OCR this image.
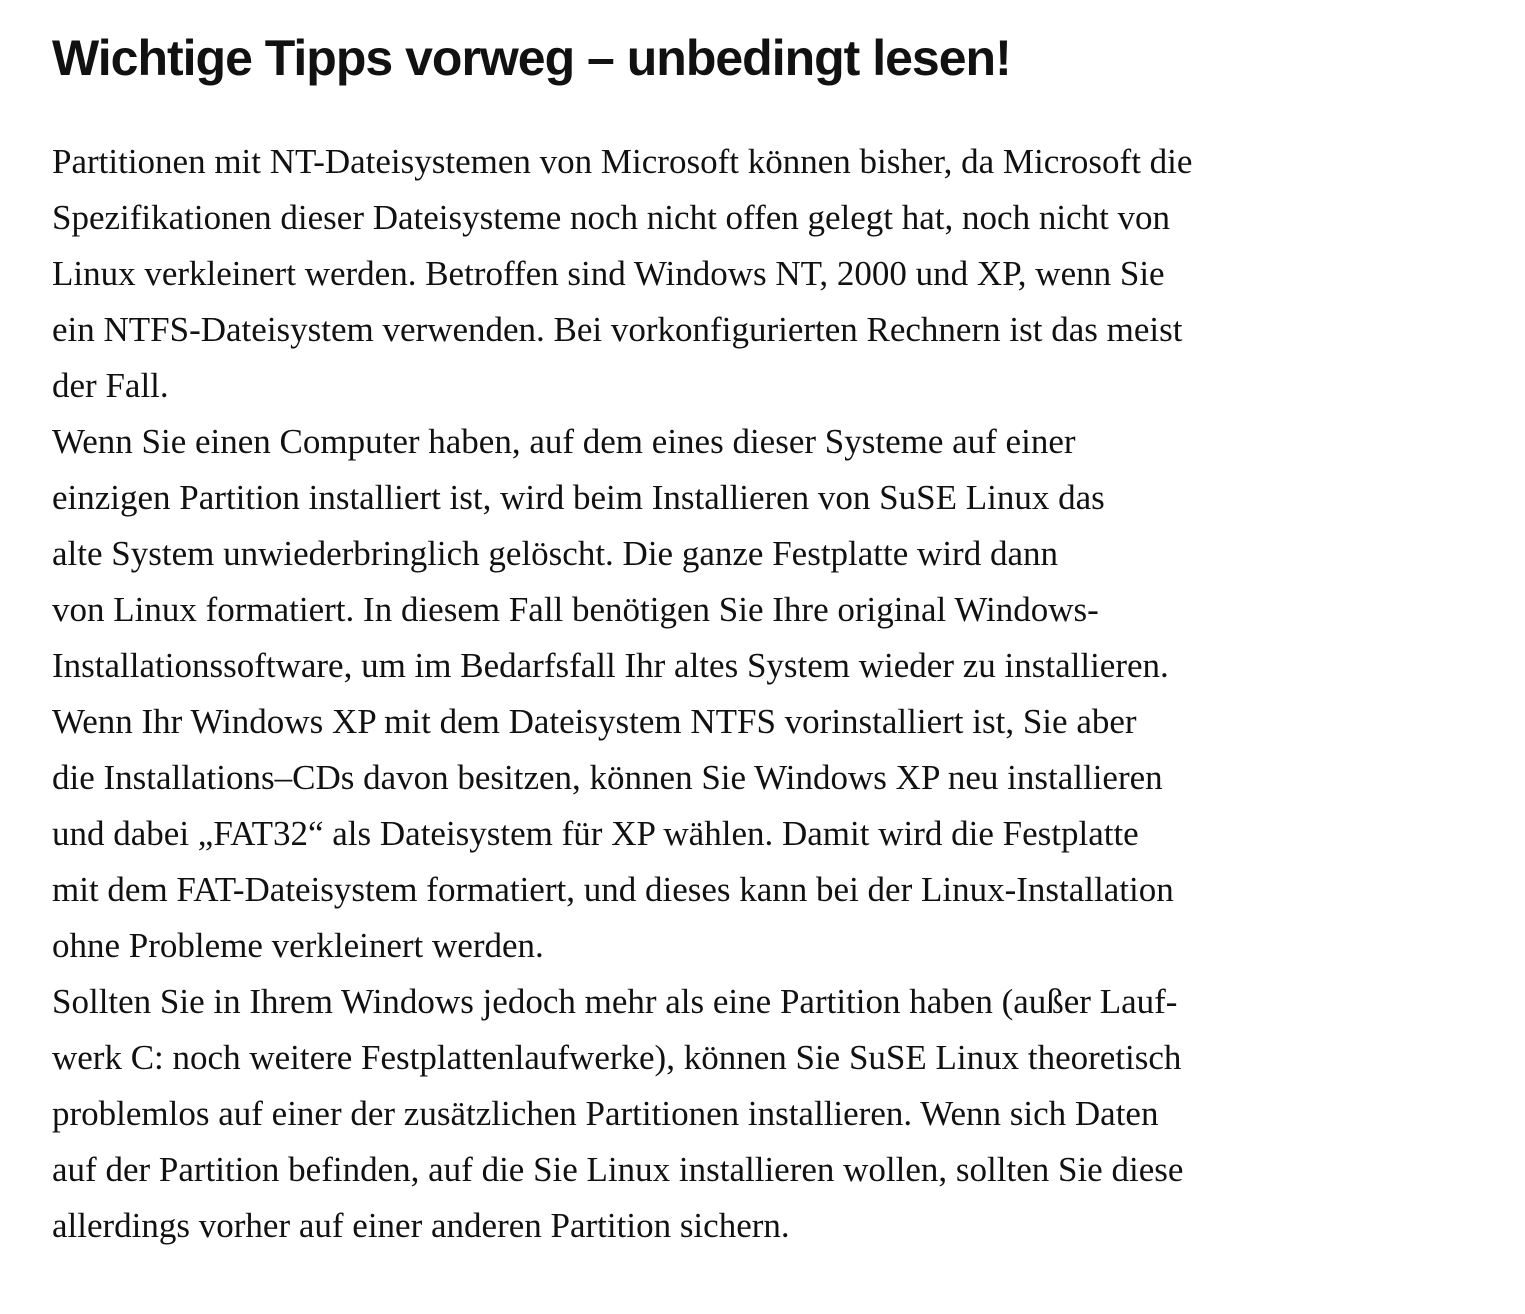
Wichtige Tipps vorweg – unbedingt lesen!
Partitionen mit NT-Dateisystemen von Microsoft können bisher, da Microsoft die
Spezifikationen dieser Dateisysteme noch nicht offen gelegt hat, noch nicht von
Linux verkleinert werden. Betroffen sind Windows NT, 2000 und XP, wenn Sie
ein NTFS-Dateisystem verwenden. Bei vorkonfigurierten Rechnern ist das meist
der Fall.
Wenn Sie einen Computer haben, auf dem eines dieser Systeme auf einer
einzigen Partition installiert ist, wird beim Installieren von SuSE Linux das
alte System unwiederbringlich gelöscht. Die ganze Festplatte wird dann
von Linux formatiert. In diesem Fall benötigen Sie Ihre original Windows-
Installationssoftware, um im Bedarfsfall Ihr altes System wieder zu installieren.
Wenn Ihr Windows XP mit dem Dateisystem NTFS vorinstalliert ist, Sie aber
die Installations–CDs davon besitzen, können Sie Windows XP neu installieren
und dabei „FAT32“ als Dateisystem für XP wählen. Damit wird die Festplatte
mit dem FAT-Dateisystem formatiert, und dieses kann bei der Linux-Installation
ohne Probleme verkleinert werden.
Sollten Sie in Ihrem Windows jedoch mehr als eine Partition haben (außer Lauf-
werk C: noch weitere Festplattenlaufwerke), können Sie SuSE Linux theoretisch
problemlos auf einer der zusätzlichen Partitionen installieren. Wenn sich Daten
auf der Partition befinden, auf die Sie Linux installieren wollen, sollten Sie diese
allerdings vorher auf einer anderen Partition sichern.
